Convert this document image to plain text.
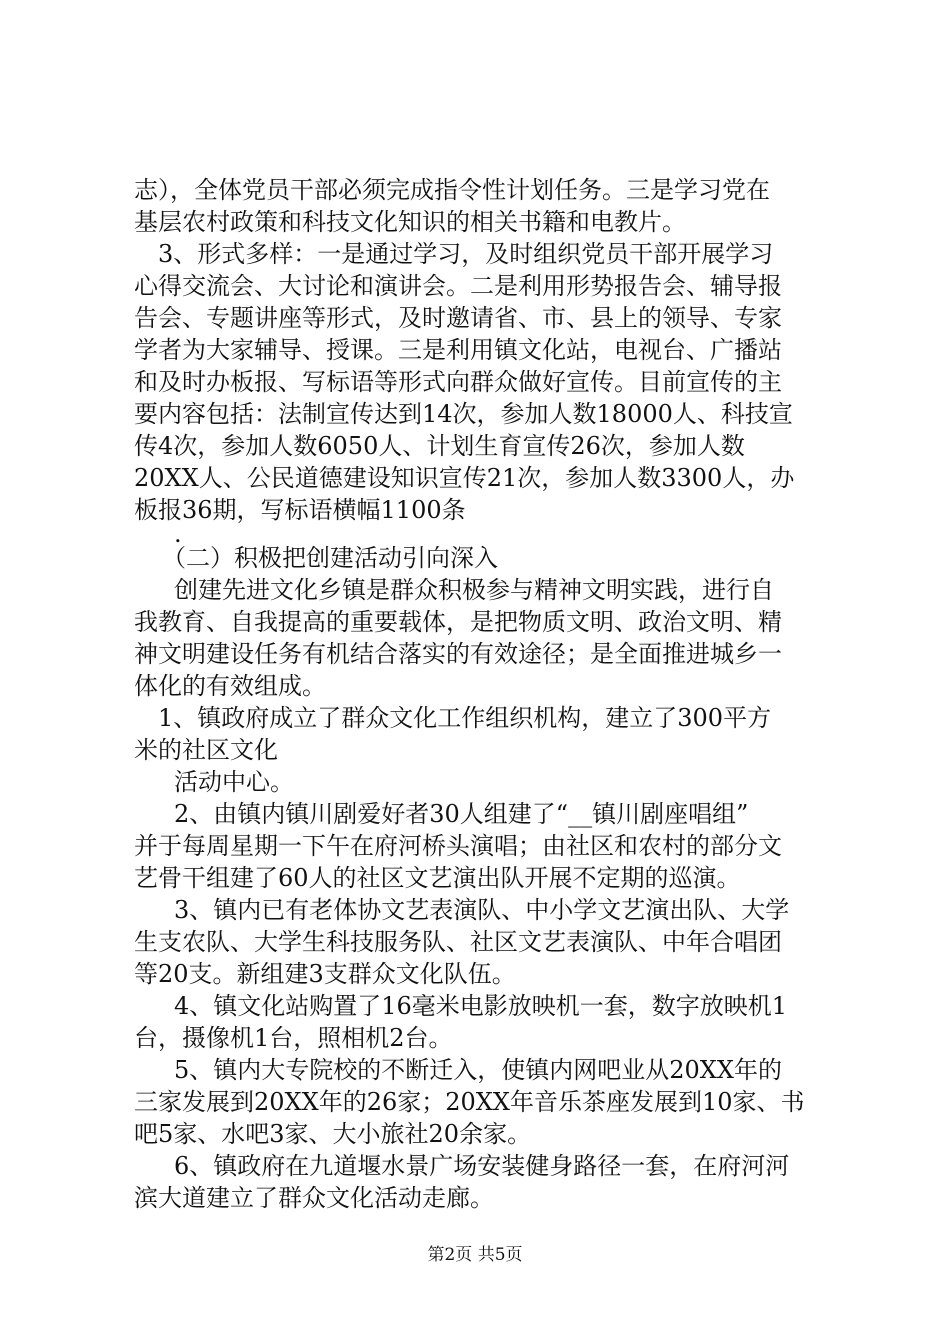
志），全体党员干部必须完成指令性计划任务。三是学习党在
基层农村政策和科技文化知识的相关书籍和电教片。
　3、形式多样：一是通过学习，及时组织党员干部开展学习
心得交流会、大讨论和演讲会。二是利用形势报告会、辅导报
告会、专题讲座等形式，及时邀请省、市、县上的领导、专家
学者为大家辅导、授课。三是利用镇文化站，电视台、广播站
和及时办板报、写标语等形式向群众做好宣传。目前宣传的主
要内容包括：法制宣传达到14次，参加人数18000人、科技宣
传4次，参加人数6050人、计划生育宣传26次，参加人数
20XX人、公民道德建设知识宣传21次，参加人数3300人，办
板报36期，写标语横幅1100条
　.
　（二）积极把创建活动引向深入
　创建先进文化乡镇是群众积极参与精神文明实践，进行自
我教育、自我提高的重要载体，是把物质文明、政治文明、精
神文明建设任务有机结合落实的有效途径；是全面推进城乡一
体化的有效组成。
　1、镇政府成立了群众文化工作组织机构，建立了300平方
米的社区文化
　活动中心。
　2、由镇内镇川剧爱好者30人组建了“__镇川剧座唱组”
并于每周星期一下午在府河桥头演唱；由社区和农村的部分文
艺骨干组建了60人的社区文艺演出队开展不定期的巡演。
　3、镇内已有老体协文艺表演队、中小学文艺演出队、大学
生支农队、大学生科技服务队、社区文艺表演队、中年合唱团
等20支。新组建3支群众文化队伍。
　4、镇文化站购置了16毫米电影放映机一套，数字放映机1
台，摄像机1台，照相机2台。
　5、镇内大专院校的不断迁入，使镇内网吧业从20XX年的
三家发展到20XX年的26家；20XX年音乐茶座发展到10家、书
吧5家、水吧3家、大小旅社20余家。
　6、镇政府在九道堰水景广场安装健身路径一套，在府河河
滨大道建立了群众文化活动走廊。
第2页 共5页
